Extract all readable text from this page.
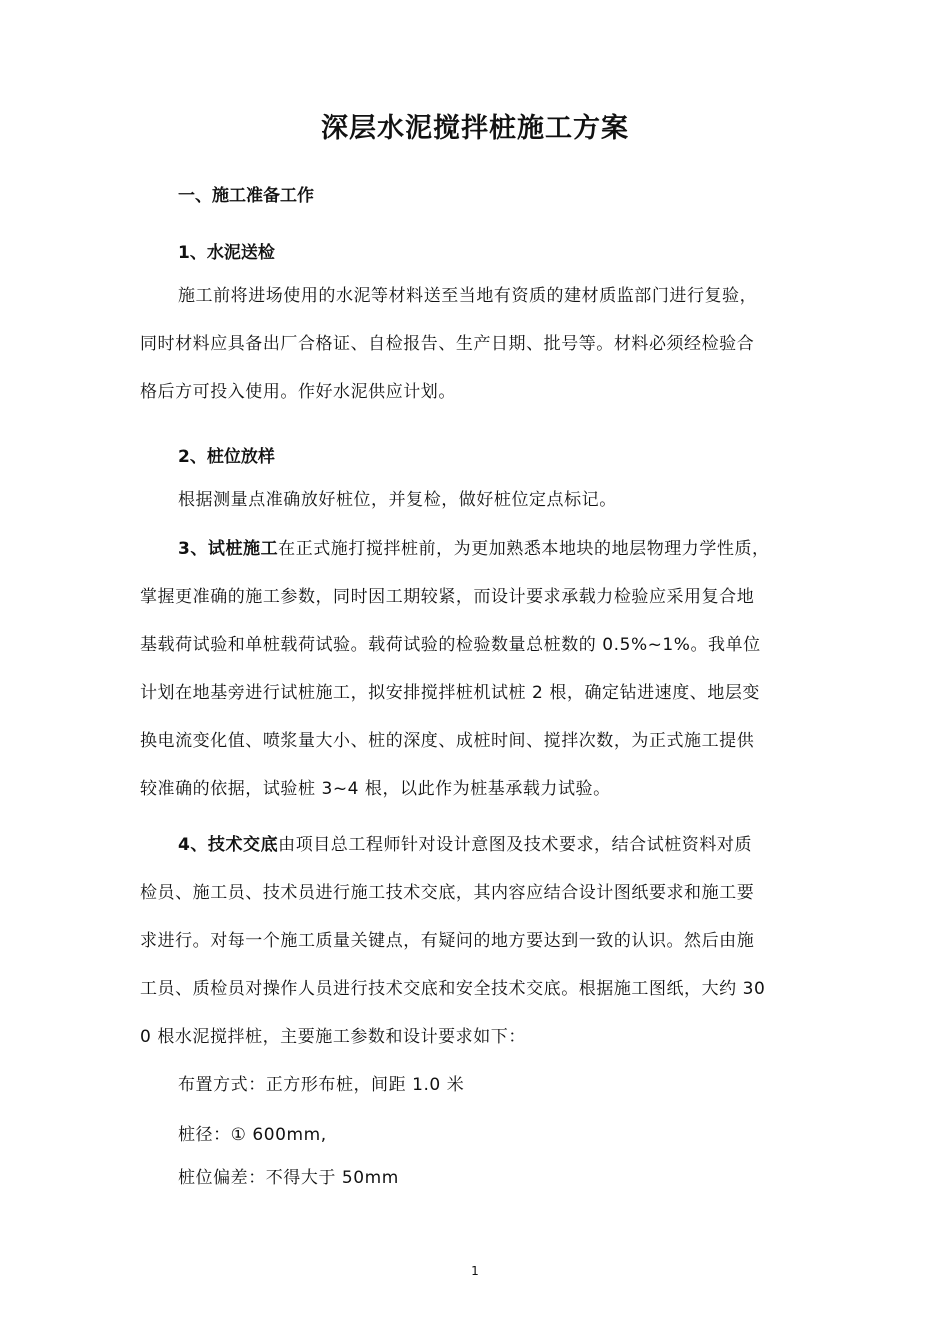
深层水泥搅拌桩施工方案
一、施工准备工作
1、水泥送检
施工前将进场使用的水泥等材料送至当地有资质的建材质监部门进行复验，
同时材料应具备出厂合格证、自检报告、生产日期、批号等。材料必须经检验合
格后方可投入使用。作好水泥供应计划。
2、桩位放样
根据测量点准确放好桩位，并复检，做好桩位定点标记。
3、试桩施工在正式施打搅拌桩前，为更加熟悉本地块的地层物理力学性质，
掌握更准确的施工参数，同时因工期较紧，而设计要求承载力检验应采用复合地
基载荷试验和单桩载荷试验。载荷试验的检验数量总桩数的 0.5%~1%。我单位
计划在地基旁进行试桩施工，拟安排搅拌桩机试桩 2 根，确定钻进速度、地层变
换电流变化值、喷浆量大小、桩的深度、成桩时间、搅拌次数，为正式施工提供
较准确的依据，试验桩 3~4 根，以此作为桩基承载力试验。
4、技术交底由项目总工程师针对设计意图及技术要求，结合试桩资料对质
检员、施工员、技术员进行施工技术交底，其内容应结合设计图纸要求和施工要
求进行。对每一个施工质量关键点，有疑问的地方要达到一致的认识。然后由施
工员、质检员对操作人员进行技术交底和安全技术交底。根据施工图纸，大约 30
0 根水泥搅拌桩，主要施工参数和设计要求如下：
布置方式：正方形布桩，间距 1.0 米
桩径：① 600mm,
桩位偏差：不得大于 50mm
1
